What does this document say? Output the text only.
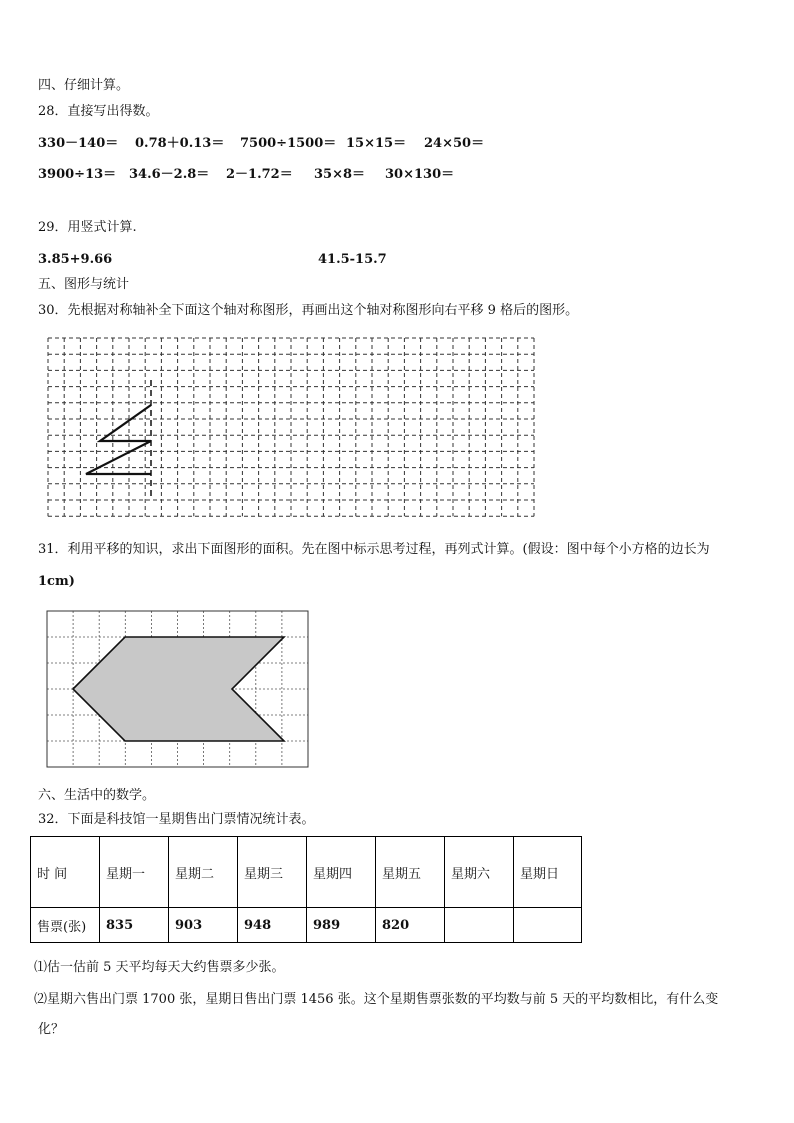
四、仔细计算。
28．直接写出得数。
330－140＝ 0.78＋0.13＝ 7500÷1500＝ 15×15＝ 24×50＝
3900÷13＝ 34.6－2.8＝ 2－1.72＝ 35×8＝ 30×130＝
29．用竖式计算.
3.85+9.66	41.5-15.7
五、图形与统计
30．先根据对称轴补全下面这个轴对称图形，再画出这个轴对称图形向右平移 9 格后的图形。
31．利用平移的知识，求出下面图形的面积。先在图中标示思考过程，再列式计算。(假设：图中每个小方格的边长为
1cm)
六、生活中的数学。
32．下面是科技馆一星期售出门票情况统计表。
时 间	星期一	星期二	星期三	星期四	星期五	星期六	星期日
售票(张)	835	903	948	989	820		
⑴估一估前 5 天平均每天大约售票多少张。
⑵星期六售出门票 1700 张，星期日售出门票 1456 张。这个星期售票张数的平均数与前 5 天的平均数相比，有什么变
化？
